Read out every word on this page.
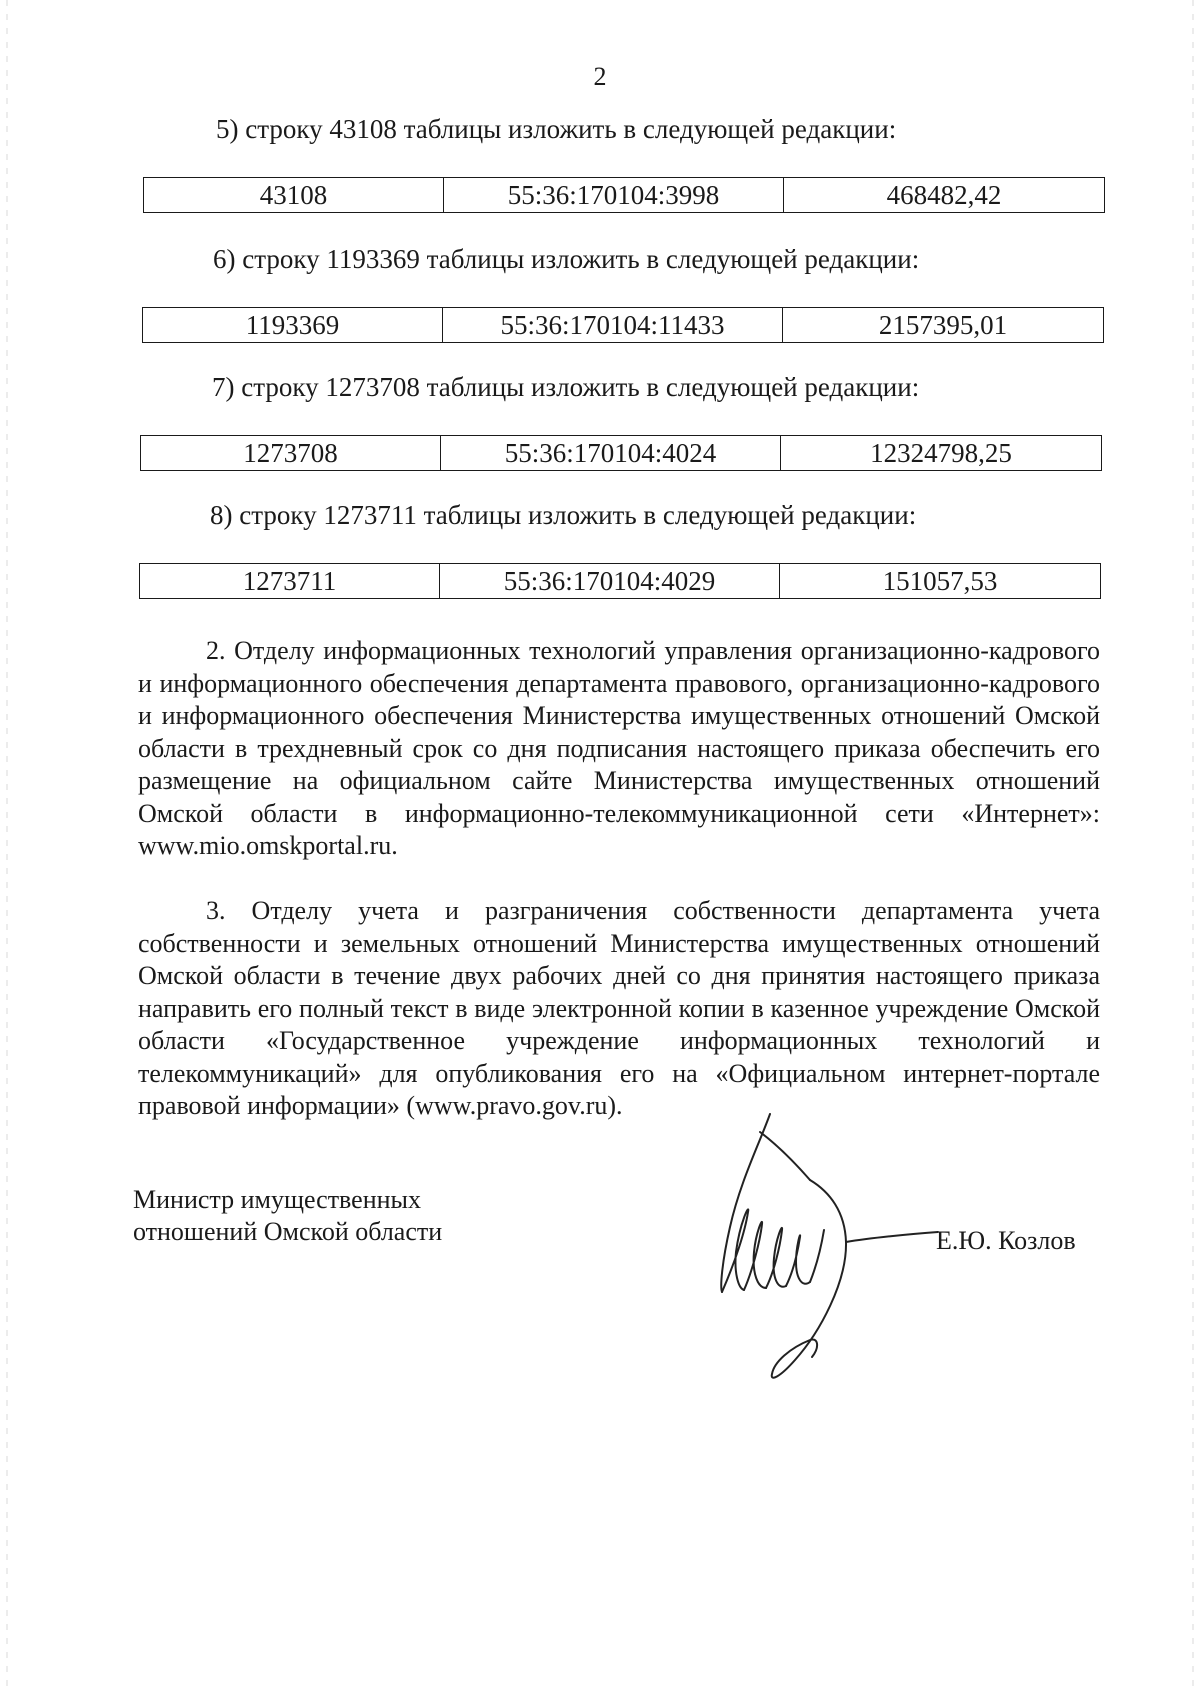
2
5) строку 43108 таблицы изложить в следующей редакции:
43108	55:36:170104:3998	468482,42
6) строку 1193369 таблицы изложить в следующей редакции:
1193369	55:36:170104:11433	2157395,01
7) строку 1273708 таблицы изложить в следующей редакции:
1273708	55:36:170104:4024	12324798,25
8) строку 1273711 таблицы изложить в следующей редакции:
1273711	55:36:170104:4029	151057,53

2. Отделу информационных технологий управления организационно-кадрового и информационного обеспечения департамента правового, организационно-кадрового и информационного обеспечения Министерства имущественных отношений Омской области в трехдневный срок со дня подписания настоящего приказа обеспечить его размещение на официальном сайте Министерства имущественных отношений Омской области в информационно-телекоммуникационной сети «Интернет»: www.mio.omskportal.ru.

3. Отделу учета и разграничения собственности департамента учета собственности и земельных отношений Министерства имущественных отношений Омской области в течение двух рабочих дней со дня принятия настоящего приказа направить его полный текст в виде электронной копии в казенное учреждение Омской области «Государственное учреждение информационных технологий и телекоммуникаций» для опубликования его на «Официальном интернет-портале правовой информации» (www.pravo.gov.ru).

Министр имущественных
отношений Омской области	Е.Ю. Козлов
